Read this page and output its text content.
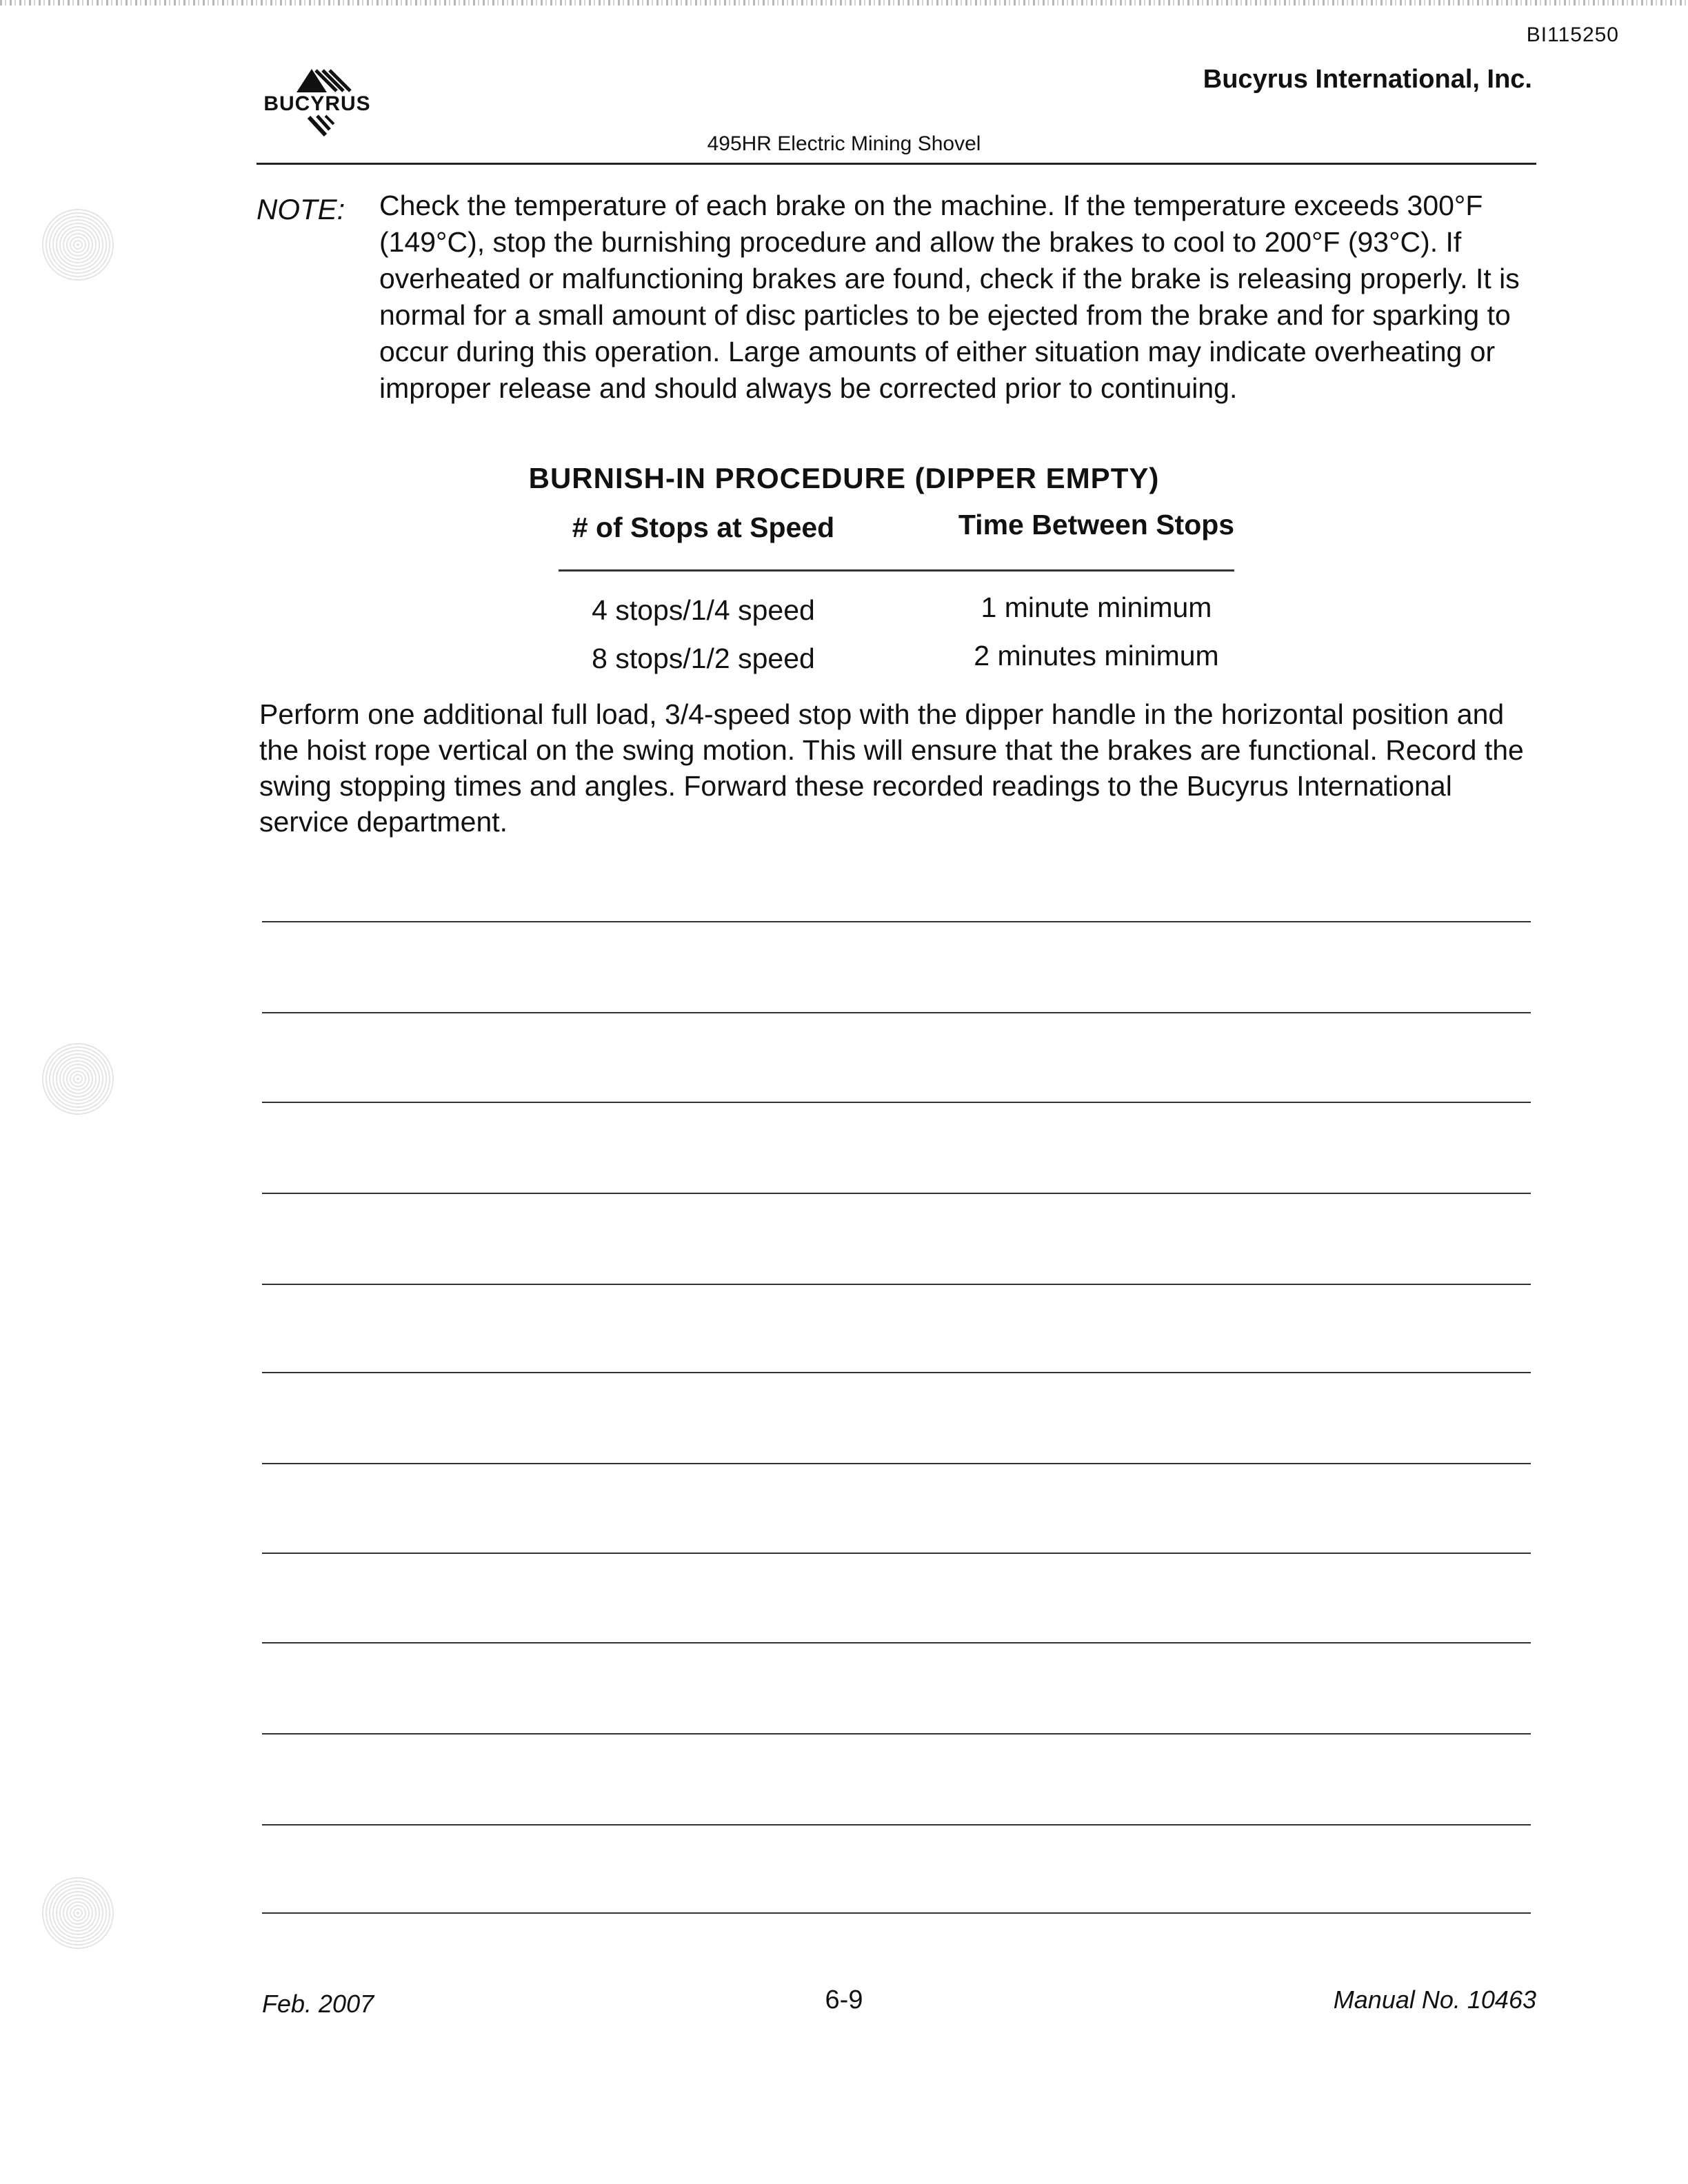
BI115250
BUCYRUS
Bucyrus International, Inc.
495HR Electric Mining Shovel
NOTE: Check the temperature of each brake on the machine. If the temperature exceeds 300°F (149°C), stop the burnishing procedure and allow the brakes to cool to 200°F (93°C). If overheated or malfunctioning brakes are found, check if the brake is releasing properly. It is normal for a small amount of disc particles to be ejected from the brake and for sparking to occur during this operation. Large amounts of either situation may indicate overheating or improper release and should always be corrected prior to continuing.
BURNISH-IN PROCEDURE (DIPPER EMPTY)
# of Stops at Speed	Time Between Stops
4 stops/1/4 speed	1 minute minimum
8 stops/1/2 speed	2 minutes minimum
Perform one additional full load, 3/4-speed stop with the dipper handle in the horizontal position and the hoist rope vertical on the swing motion. This will ensure that the brakes are functional. Record the swing stopping times and angles. Forward these recorded readings to the Bucyrus International service department.
Feb. 2007	6-9	Manual No. 10463
